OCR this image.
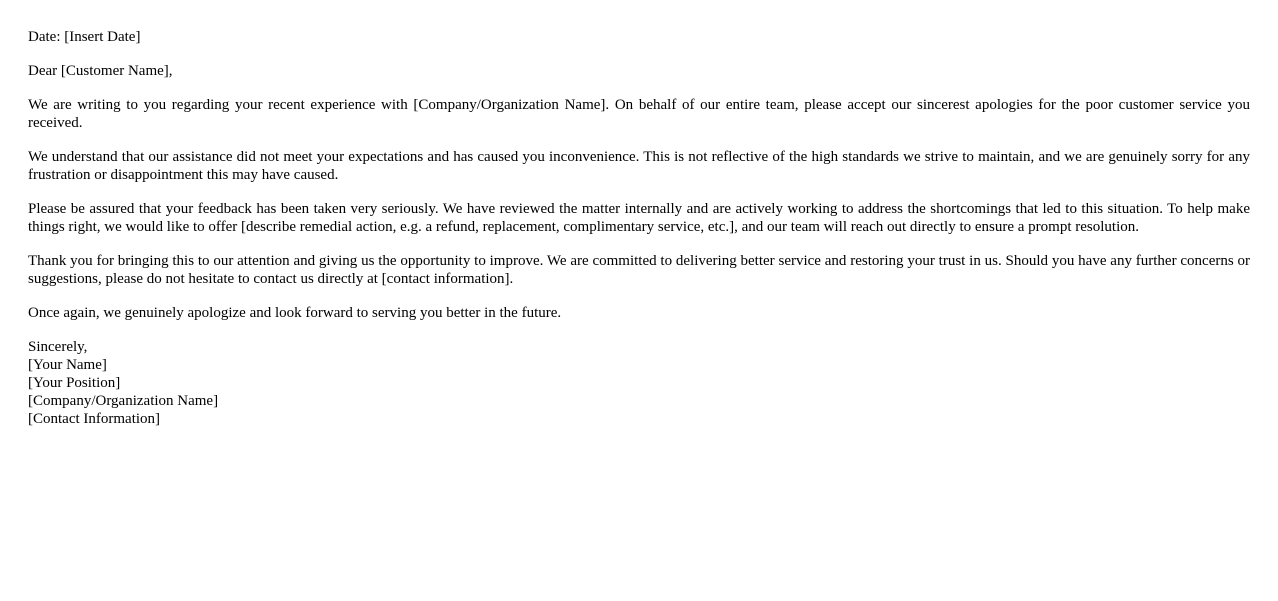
Date: [Insert Date]

Dear [Customer Name],

We are writing to you regarding your recent experience with [Company/Organization Name]. On behalf of our entire team, please accept our sincerest apologies for the poor customer service you received.

We understand that our assistance did not meet your expectations and has caused you inconvenience. This is not reflective of the high standards we strive to maintain, and we are genuinely sorry for any frustration or disappointment this may have caused.

Please be assured that your feedback has been taken very seriously. We have reviewed the matter internally and are actively working to address the shortcomings that led to this situation. To help make things right, we would like to offer [describe remedial action, e.g. a refund, replacement, complimentary service, etc.], and our team will reach out directly to ensure a prompt resolution.

Thank you for bringing this to our attention and giving us the opportunity to improve. We are committed to delivering better service and restoring your trust in us. Should you have any further concerns or suggestions, please do not hesitate to contact us directly at [contact information].

Once again, we genuinely apologize and look forward to serving you better in the future.

Sincerely,
[Your Name]
[Your Position]
[Company/Organization Name]
[Contact Information]
